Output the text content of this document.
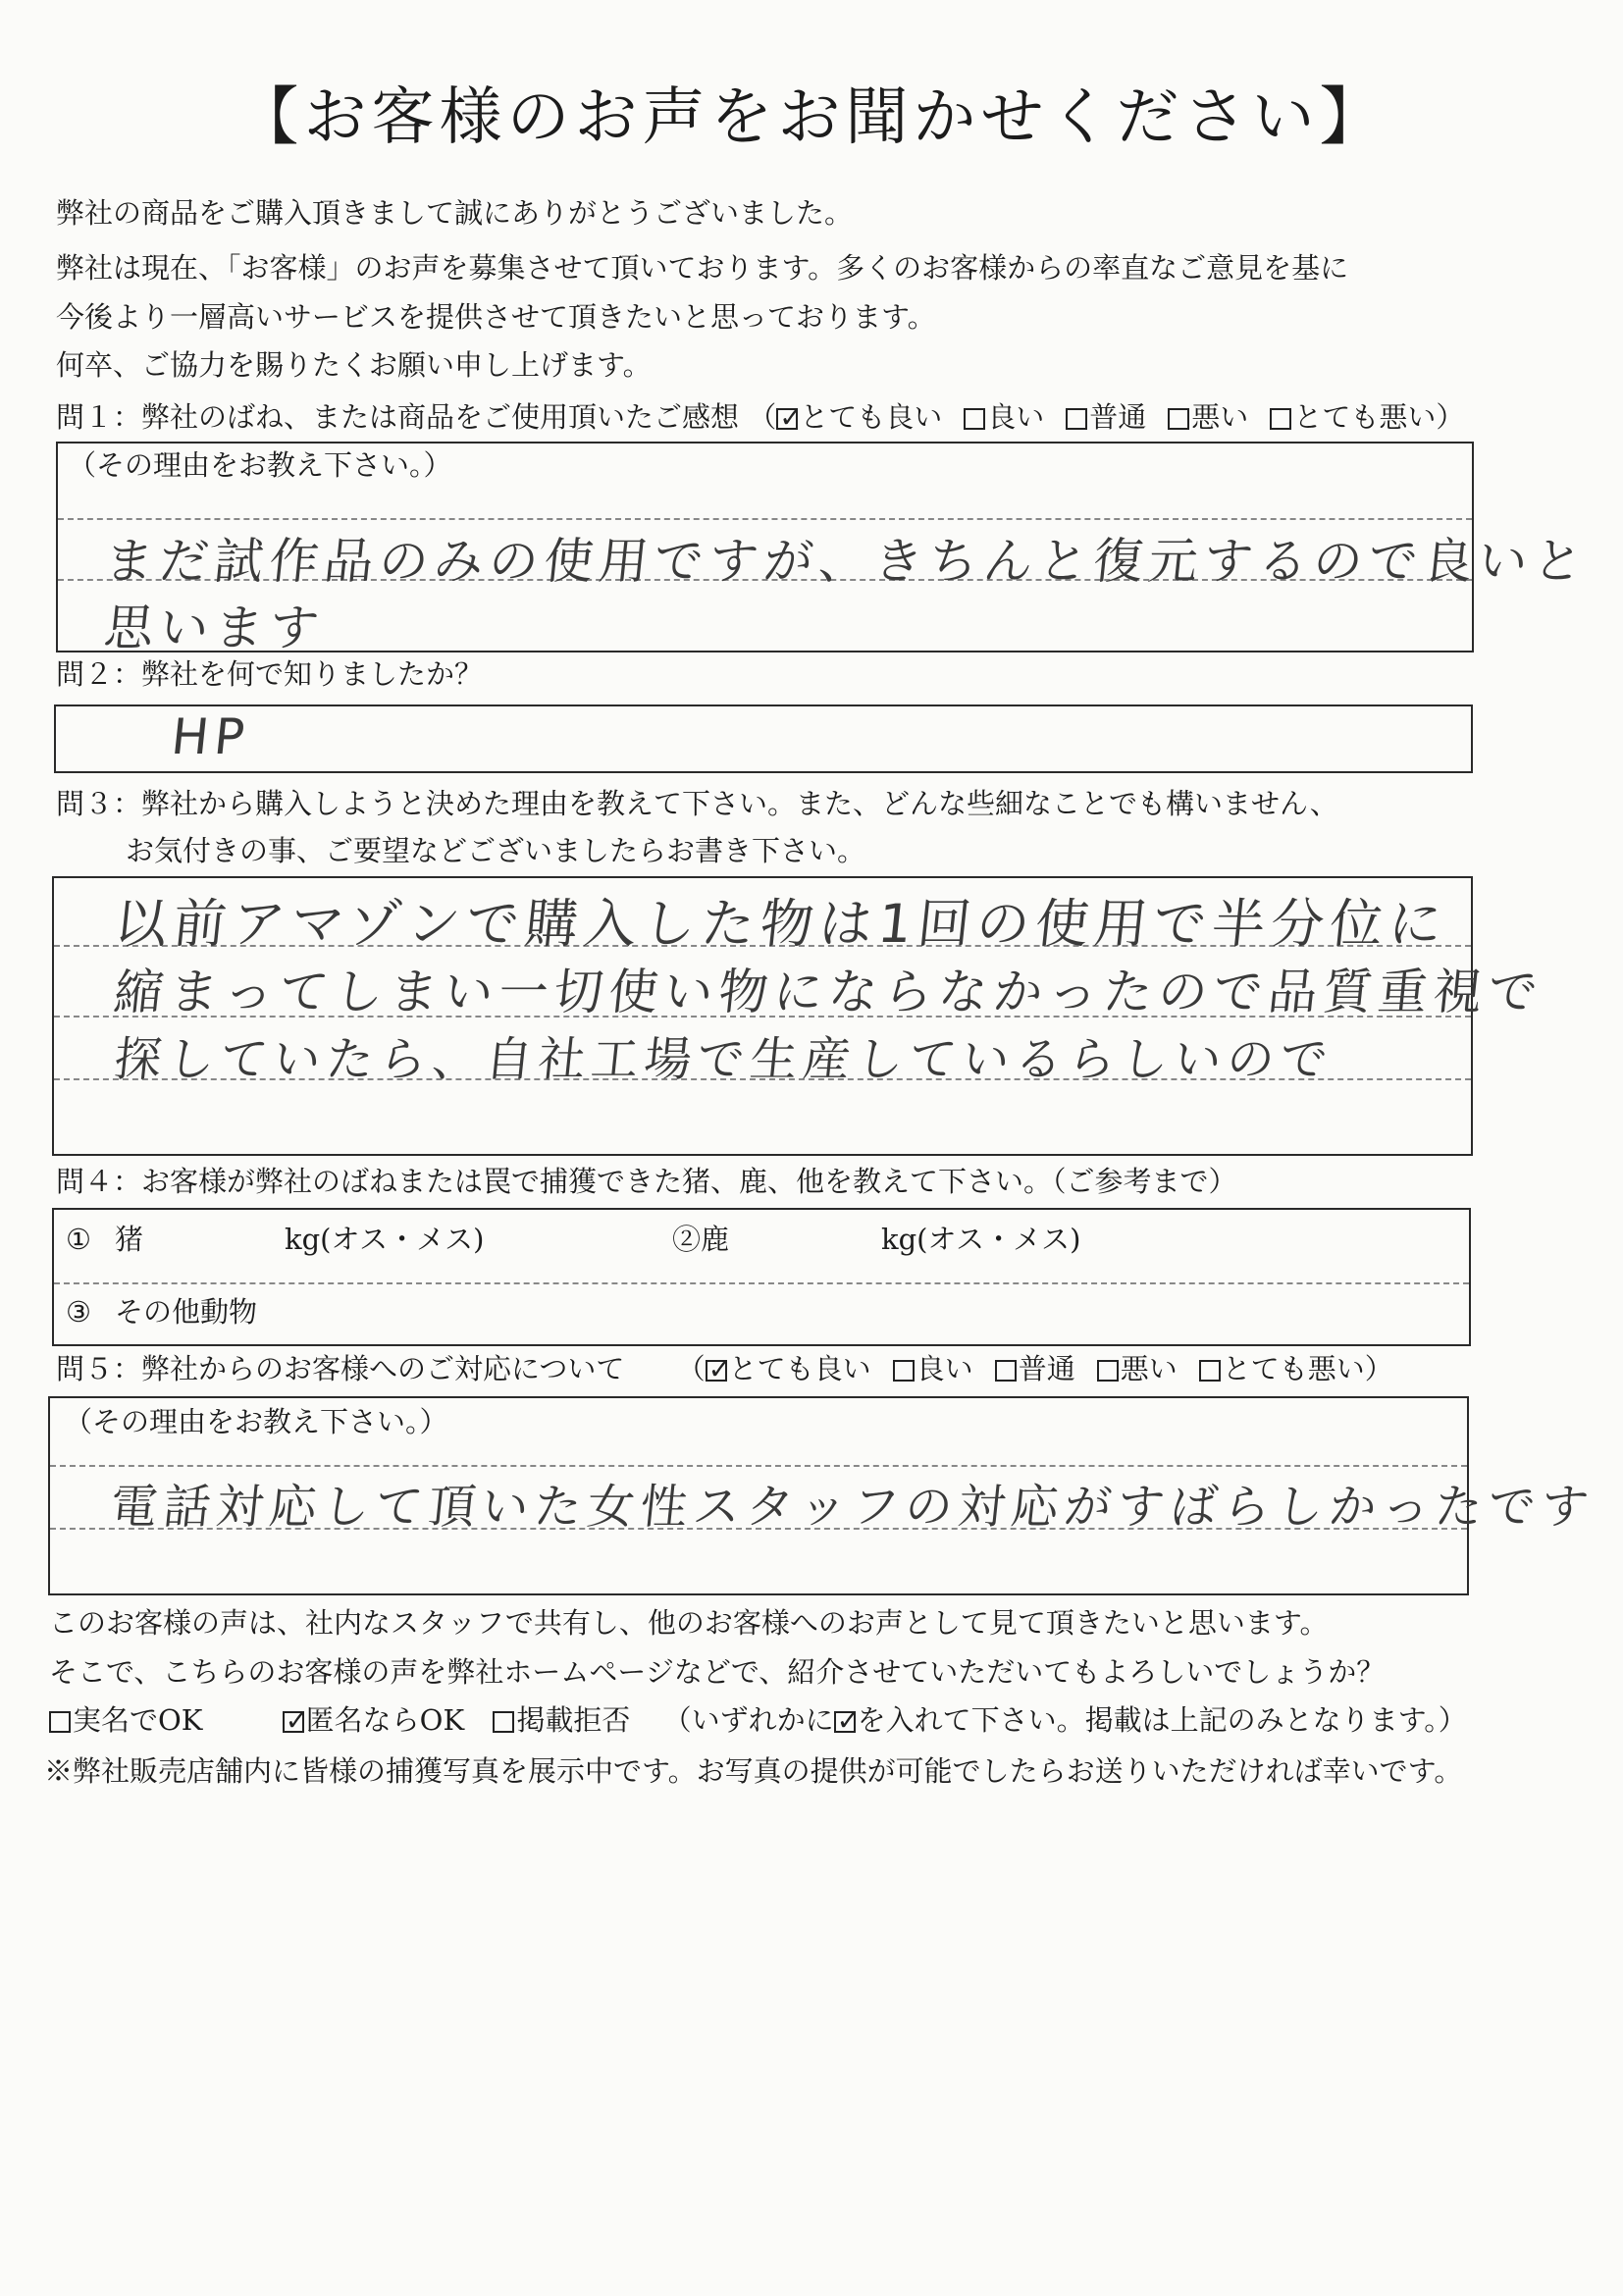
【お客様のお声をお聞かせください】
弊社の商品をご購入頂きまして誠にありがとうございました。
弊社は現在、「お客様」のお声を募集させて頂いております。多くのお客様からの率直なご意見を基に
今後より一層高いサービスを提供させて頂きたいと思っております。
何卒、ご協力を賜りたくお願い申し上げます。
問１：弊社のばね、または商品をご使用頂いたご感想 （ ✓ とても良い 良い 普通 悪い とても悪い）
（その理由をお教え下さい。）
まだ試作品のみの使用ですが、きちんと復元するので良いと
思います
問２：弊社を何で知りましたか？
HP
問３：弊社から購入しようと決めた理由を教えて下さい。また、どんな些細なことでも構いません、
お気付きの事、ご要望などございましたらお書き下さい。
以前アマゾンで購入した物は1回の使用で半分位に
縮まってしまい一切使い物にならなかったので品質重視で
探していたら、自社工場で生産しているらしいので
問４：お客様が弊社のばねまたは罠で捕獲できた猪、鹿、他を教えて下さい。（ご参考まで）
① 猪	kg(オス・メス)	②鹿	kg(オス・メス)
③ その他動物
問５：弊社からのお客様へのご対応について （ ✓ とても良い 良い 普通 悪い とても悪い）
（その理由をお教え下さい。）
電話対応して頂いた女性スタッフの対応がすばらしかったです
このお客様の声は、社内なスタッフで共有し、他のお客様へのお声として見て頂きたいと思います。
そこで、こちらのお客様の声を弊社ホームページなどで、紹介させていただいてもよろしいでしょうか？
実名でOK ✓	匿名ならOK 掲載拒否 （いずれかに ✓ を入れて下さい。掲載は上記のみとなります。）
※弊社販売店舗内に皆様の捕獲写真を展示中です。お写真の提供が可能でしたらお送りいただければ幸いです。
